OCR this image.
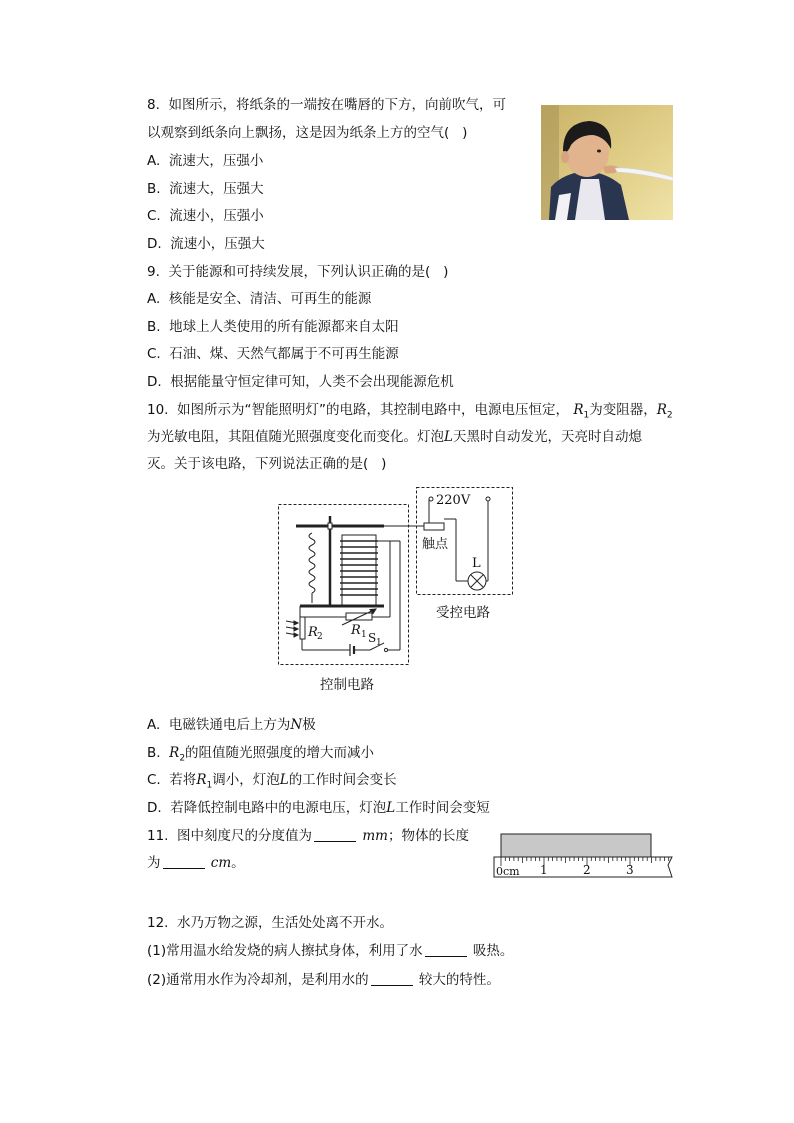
8.  如图所示，将纸条的一端按在嘴唇的下方，向前吹气，可
以观察到纸条向上飘扬，这是因为纸条上方的空气(   )
A.  流速大，压强小
B.  流速大，压强大
C.  流速小，压强小
D.  流速小，压强大
9.  关于能源和可持续发展，下列认识正确的是(   )
A.  核能是安全、清洁、可再生的能源
B.  地球上人类使用的所有能源都来自太阳
C.  石油、煤、天然气都属于不可再生能源
D.  根据能量守恒定律可知，人类不会出现能源危机
10.  如图所示为“智能照明灯”的电路，其控制电路中，电源电压恒定， $R_1$为变阻器，$R_2$
为光敏电阻，其阻值随光照强度变化而变化。灯泡L天黑时自动发光，天亮时自动熄
灭。关于该电路，下列说法正确的是(   )
220V
触点
L
R 1
R 2	S 1
受控电路
控制电路
A.  电磁铁通电后上方为N极
B.  $R_2$的阻值随光照强度的增大而减小
C.  若将$R_1$调小，灯泡L的工作时间会变长
D.  若降低控制电路中的电源电压，灯泡L工作时间会变短
11.  图中刻度尺的分度值为	mm；物体的长度
为	cm。
0cm 1	2	3
12.  水乃万物之源，生活处处离不开水。
(1)常用温水给发烧的病人擦拭身体，利用了水	吸热。
(2)通常用水作为冷却剂，是利用水的	较大的特性。
